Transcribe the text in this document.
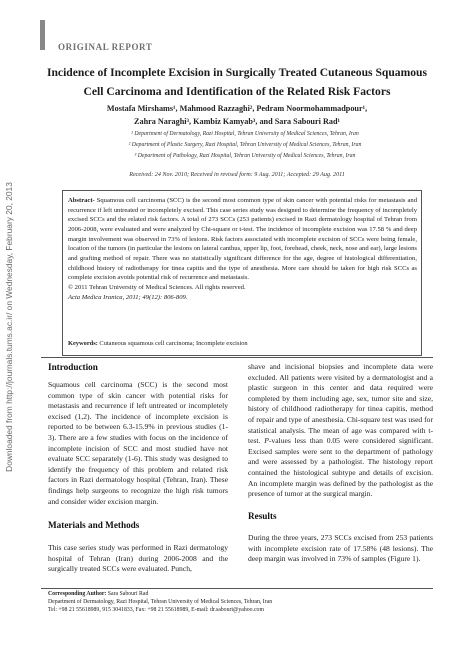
Downloaded from http://journals.tums.ac.ir/ on Wednesday, February 20, 2013
ORIGINAL REPORT
Incidence of Incomplete Excision in Surgically Treated Cutaneous Squamous
Cell Carcinoma and Identification of the Related Risk Factors
Mostafa Mirshams¹, Mahmood Razzaghi², Pedram Noormohammadpour¹,
Zahra Naraghi³, Kambiz Kamyab³, and Sara Sabouri Rad¹
¹ Department of Dermatology, Razi Hospital, Tehran University of Medical Sciences, Tehran, Iran
² Department of Plastic Surgery, Razi Hospital, Tehran University of Medical Sciences, Tehran, Iran
³ Department of Pathology, Razi Hospital, Tehran University of Medical Sciences, Tehran, Iran
Received: 24 Nov. 2010; Received in revised form: 9 Aug. 2011; Accepted: 29 Aug. 2011
Abstract- Squamous cell carcinoma (SCC) is the second most common type of skin cancer with potential risks for metastasis and recurrence if left untreated or incompletely excised. This case series study was designed to determine the frequency of incompletely excised SCCs and the related risk factors. A total of 273 SCCs (253 patients) excised in Razi dermatology hospital of Tehran from 2006-2008, were evaluated and were analyzed by Chi-square or t-test. The incidence of incomplete excision was 17.58 % and deep margin involvement was observed in 73% of lesions. Risk factors associated with incomplete excision of SCCs were being female, location of the tumors (in particular the lesions on lateral canthus, upper lip, foot, forehead, cheek, neck, nose and ear), large lesions and grafting method of repair. There was no statistically significant difference for the age, degree of histological differentiation, childhood history of radiotherapy for tinea capitis and the type of anesthesia. More care should be taken for high risk SCCs as complete excision avoids potential risk of recurrence and metastasis.
© 2011 Tehran University of Medical Sciences. All rights reserved.
Acta Medica Iranica, 2011; 49(12): 806-809.
Keywords: Cutaneous squamous cell carcinoma; Incomplete excision
Introduction
Squamous cell carcinoma (SCC) is the second most common type of skin cancer with potential risks for metastasis and recurrence if left untreated or incompletely excised (1,2). The incidence of incomplete excision is reported to be between 6.3-15.9% in previous studies (1-3). There are a few studies with focus on the incidence of incomplete incision of SCC and most studied have not evaluate SCC separately (1-6). This study was designed to identify the frequency of this problem and related risk factors in Razi dermatology hospital (Tehran, Iran). These findings help surgeons to recognize the high risk tumors and consider wider excision margin.
Materials and Methods
This case series study was performed in Razi dermatology hospital of Tehran (Iran) during 2006-2008 and the surgically treated SCCs were evaluated. Punch,
shave and incisional biopsies and incomplete data were excluded. All patients were visited by a dermatologist and a plastic surgeon in this center and data required were completed by them including age, sex, tumor site and size, history of childhood radiotherapy for tinea capitis, method of repair and type of anesthesia. Chi-square test was used for statistical analysis. The mean of age was compared with t-test. P-values less than 0.05 were considered significant. Excised samples were sent to the department of pathology and were assessed by a pathologist. The histology report contained the histological subtype and details of excision. An incomplete margin was defined by the pathologist as the presence of tumor at the surgical margin.
Results
During the three years, 273 SCCs excised from 253 patients with incomplete excision rate of 17.58% (48 lesions). The deep margin was involved in 73% of samples (Figure 1).
Corresponding Author: Sara Sabouri Rad
Department of Dermatology, Razi Hospital, Tehran University of Medical Sciences, Tehran, Iran
Tel: +98 21 55618989, 915 3041833, Fax: +98 21 55618989, E-mail: dr.sabouri@yahoo.com
